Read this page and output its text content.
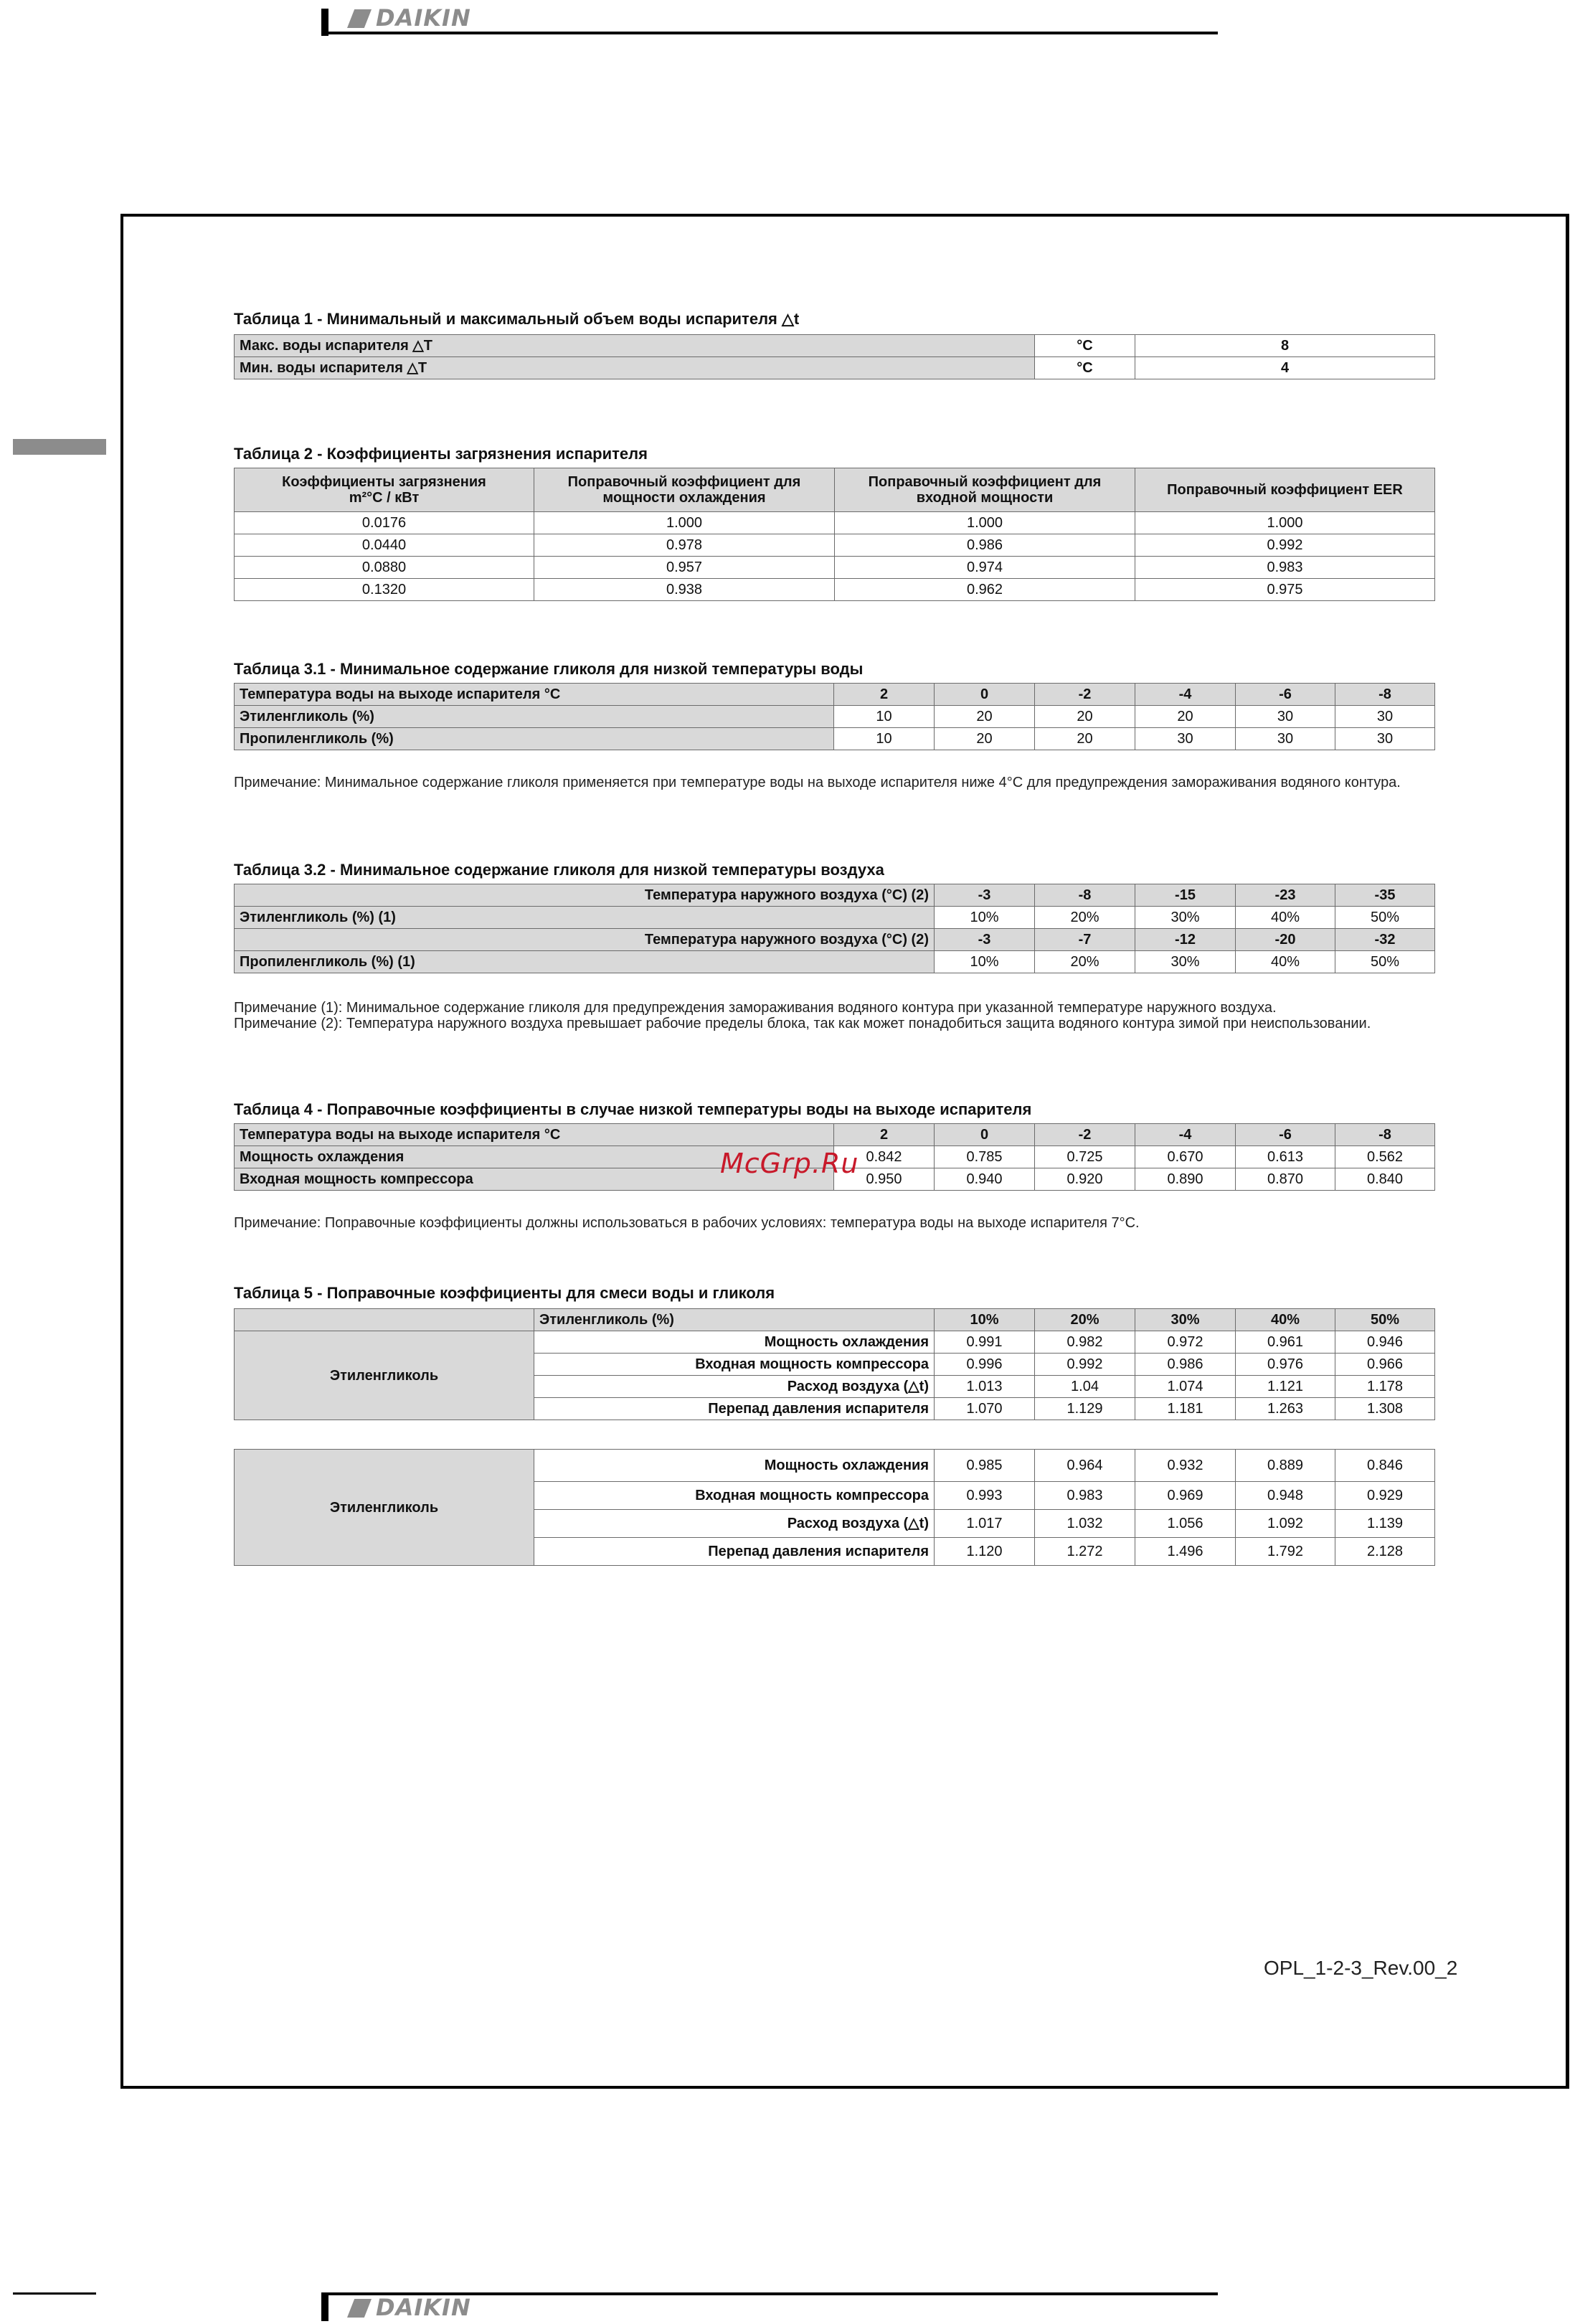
DAIKIN
Таблица 1 - Минимальный и максимальный объем воды испарителя △t
Макс. воды испарителя △T	°C	8
Мин. воды испарителя △T	°C	4
Таблица 2 - Коэффициенты загрязнения испарителя
Коэффициенты загрязнения
m²°C / кВт	Поправочный коэффициент для мощности охлаждения	Поправочный коэффициент для входной мощности	Поправочный коэффициент EER
0.0176	1.000	1.000	1.000
0.0440	0.978	0.986	0.992
0.0880	0.957	0.974	0.983
0.1320	0.938	0.962	0.975
Таблица 3.1 - Минимальное содержание гликоля для низкой температуры воды
Температура воды на выходе испарителя °C	2	0	-2	-4	-6	-8
Этиленгликоль (%)	10	20	20	20	30	30
Пропиленгликоль (%)	10	20	20	30	30	30
Примечание: Минимальное содержание гликоля применяется при температуре воды на выходе испарителя ниже 4°C для предупреждения замораживания водяного контура.
Таблица 3.2 - Минимальное содержание гликоля для низкой температуры воздуха
Температура наружного воздуха (°C) (2)	-3	-8	-15	-23	-35
Этиленгликоль (%) (1)	10%	20%	30%	40%	50%
Температура наружного воздуха (°C) (2)	-3	-7	-12	-20	-32
Пропиленгликоль (%) (1)	10%	20%	30%	40%	50%
Примечание (1): Минимальное содержание гликоля для предупреждения замораживания водяного контура при указанной температуре наружного воздуха.
Примечание (2): Температура наружного воздуха превышает рабочие пределы блока, так как может понадобиться защита водяного контура зимой при неиспользовании.
Таблица 4 - Поправочные коэффициенты в случае низкой температуры воды на выходе испарителя
Температура воды на выходе испарителя °C	2	0	-2	-4	-6	-8
Мощность охлаждения	0.842	0.785	0.725	0.670	0.613	0.562
Входная мощность компрессора	0.950	0.940	0.920	0.890	0.870	0.840
McGrp.Ru
Примечание: Поправочные коэффициенты должны использоваться в рабочих условиях: температура воды на выходе испарителя 7°C.
Таблица 5 - Поправочные коэффициенты для смеси воды и гликоля
	Этиленгликоль (%)	10%	20%	30%	40%	50%
Этиленгликоль	Мощность охлаждения	0.991	0.982	0.972	0.961	0.946
	Входная мощность компрессора	0.996	0.992	0.986	0.976	0.966
	Расход воздуха (△t)	1.013	1.04	1.074	1.121	1.178
	Перепад давления испарителя	1.070	1.129	1.181	1.263	1.308
Этиленгликоль	Мощность охлаждения	0.985	0.964	0.932	0.889	0.846
	Входная мощность компрессора	0.993	0.983	0.969	0.948	0.929
	Расход воздуха (△t)	1.017	1.032	1.056	1.092	1.139
	Перепад давления испарителя	1.120	1.272	1.496	1.792	2.128
OPL_1-2-3_Rev.00_2
DAIKIN
